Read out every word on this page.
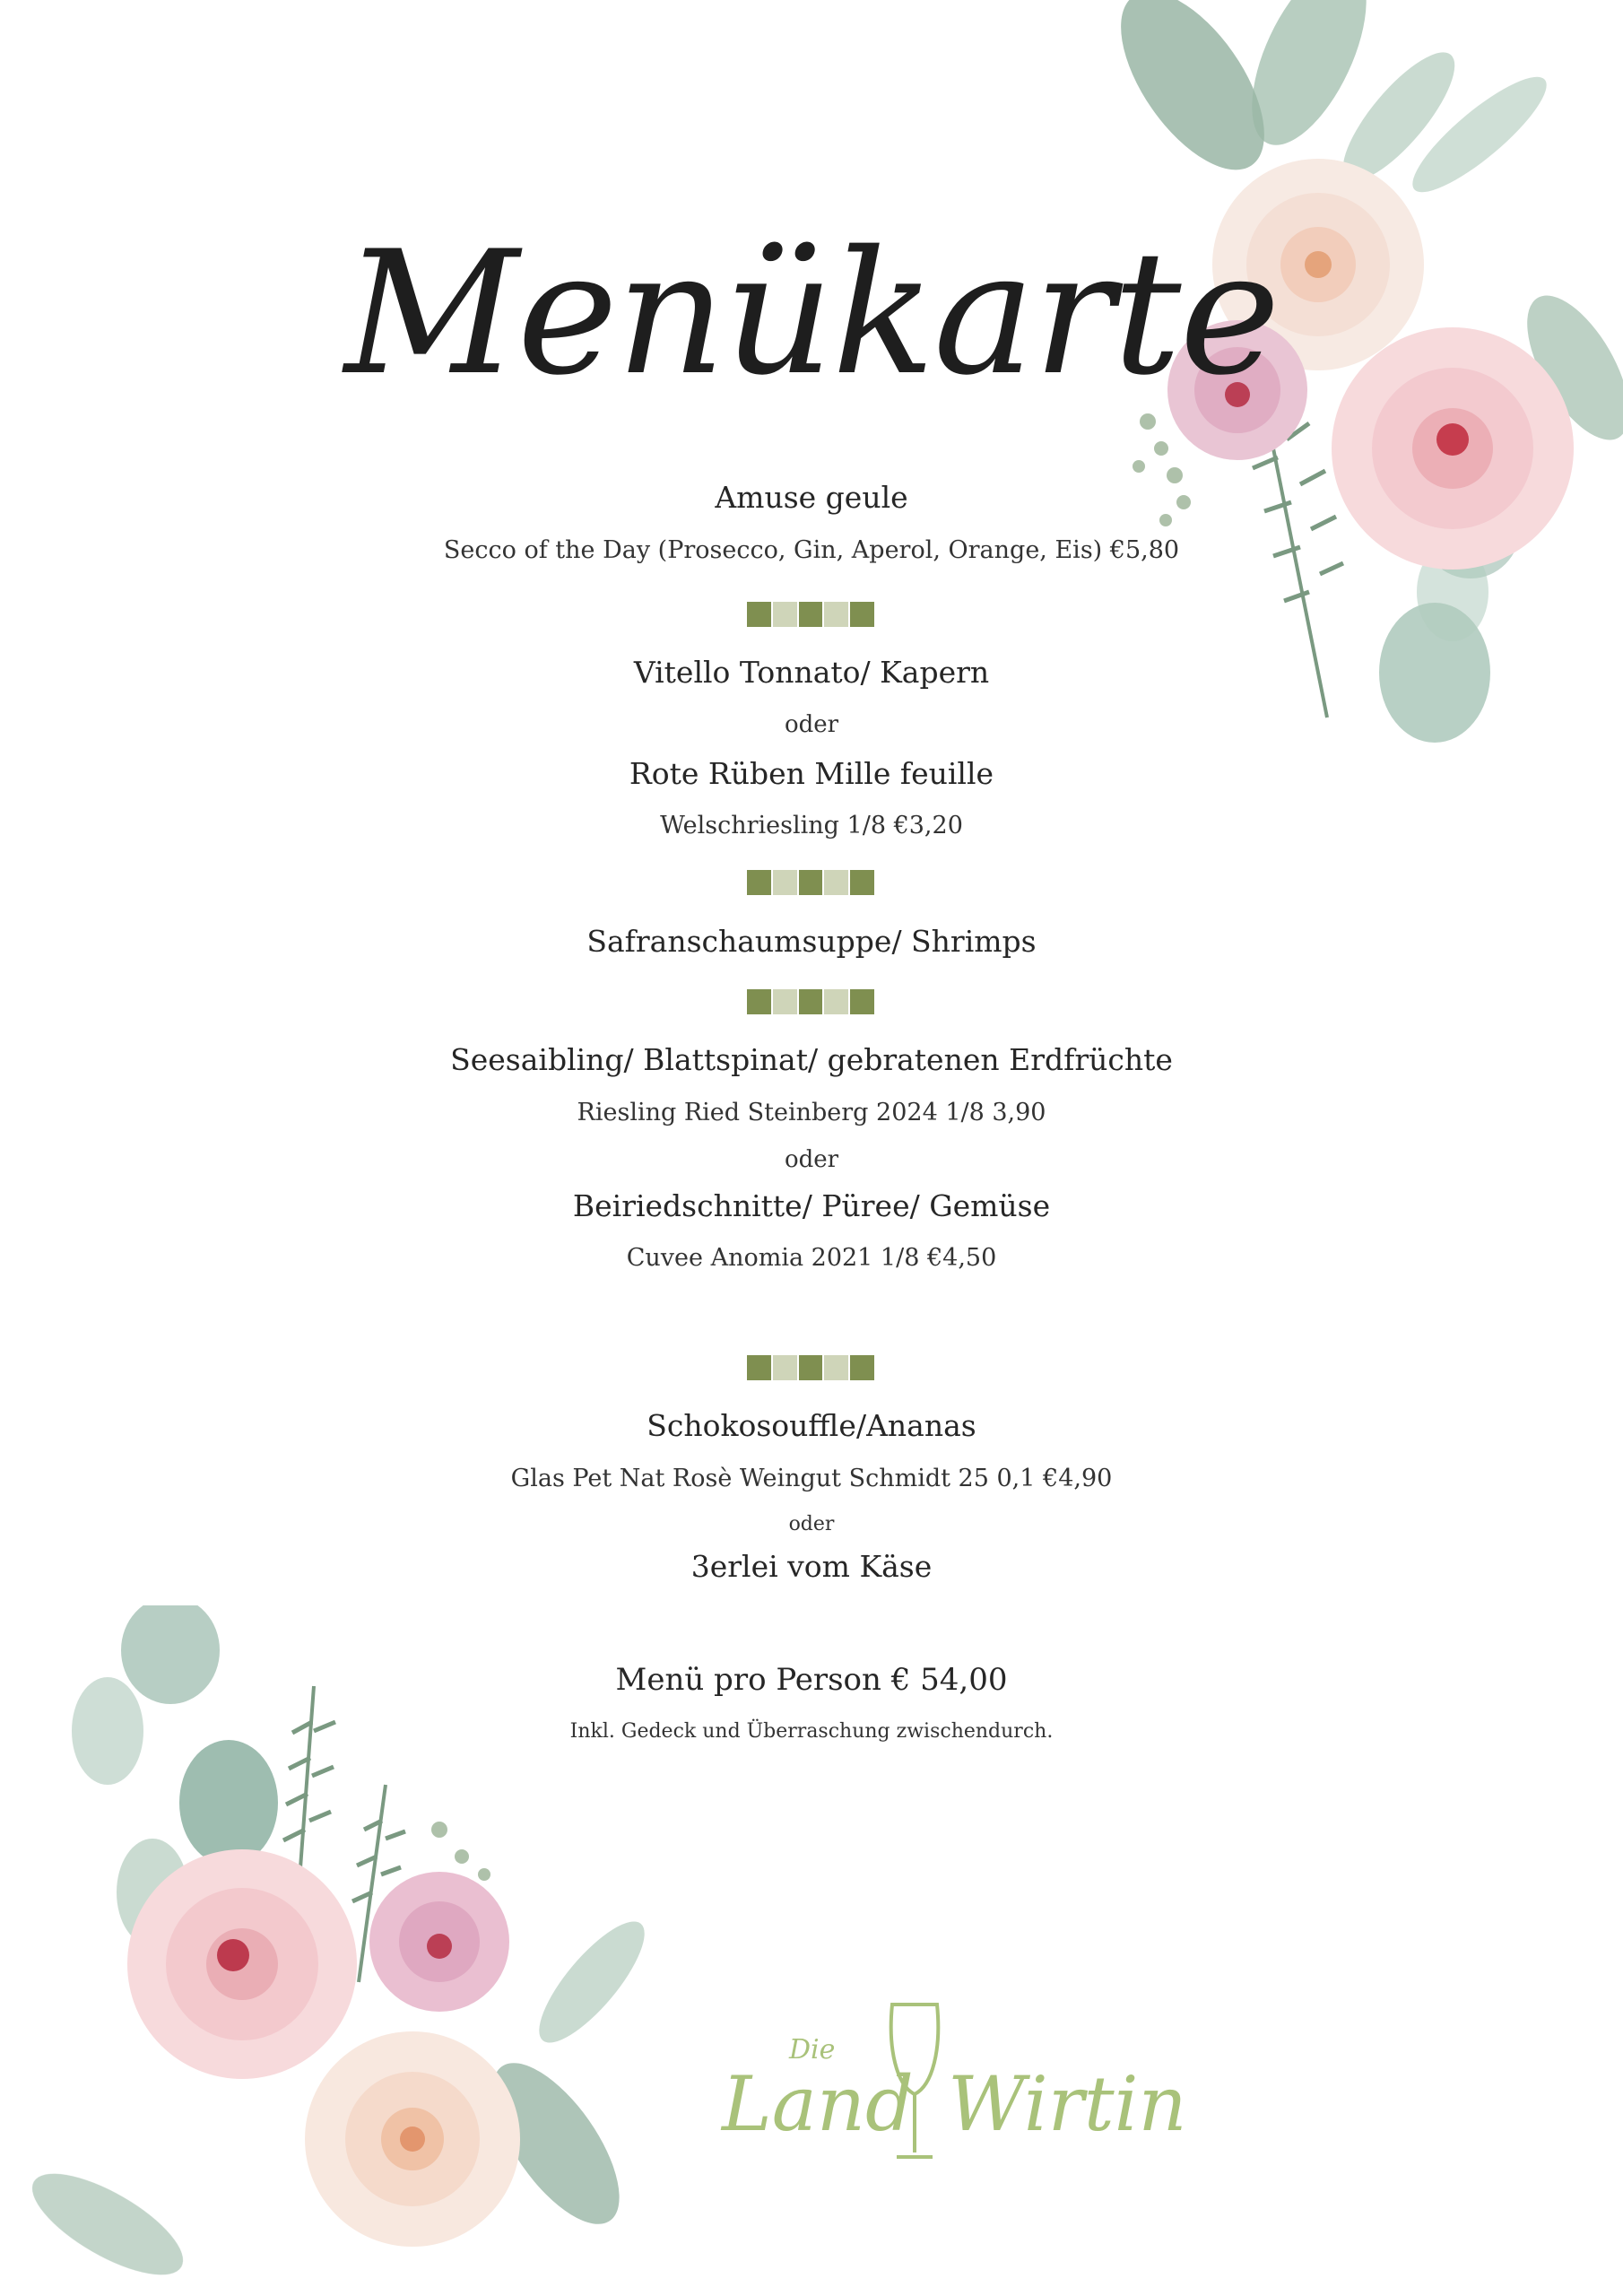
Menükarte
Amuse geule
Secco of the Day (Prosecco, Gin, Aperol, Orange, Eis) €5,80
Vitello Tonnato/ Kapern
oder
Rote Rüben Mille feuille
Welschriesling 1/8 €3,20
Safranschaumsuppe/ Shrimps
Seesaibling/ Blattspinat/ gebratenen Erdfrüchte
Riesling Ried Steinberg 2024 1/8 3,90
oder
Beiriedschnitte/ Püree/ Gemüse
Cuvee Anomia 2021 1/8 €4,50
Schokosouffle/Ananas
Glas Pet Nat Rosè Weingut Schmidt 25 0,1 €4,90
oder
3erlei vom Käse
Menü pro Person € 54,00
Inkl. Gedeck und Überraschung zwischendurch.
Die
Land Wirtin
